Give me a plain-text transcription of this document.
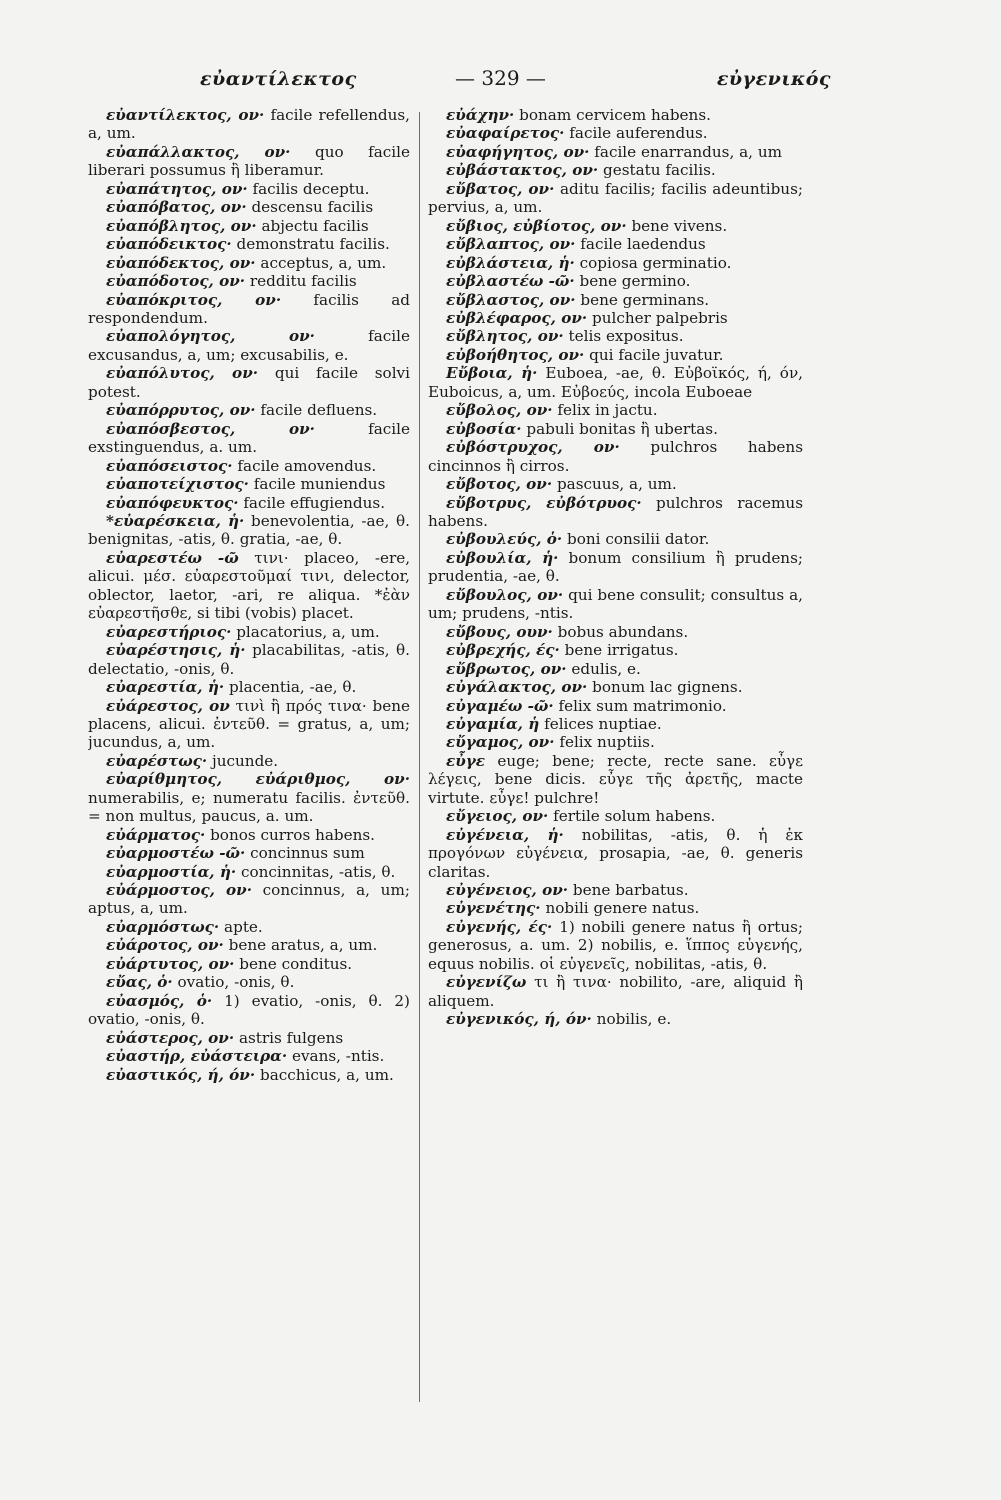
εὐαντίλεκτος	— 329 —	εὐγενικός

εὐαντίλεκτος, ον· facile refellendus, a, um.

εὐαπάλλακτος, ον· quo facile liberari possumus ἢ liberamur.

εὐαπάτητος, ον· facilis deceptu.

εὐαπόβατος, ον· descensu facilis

εὐαπόβλητος, ον· abjectu facilis

εὐαπόδεικτος· demonstratu facilis.

εὐαπόδεκτος, ον· acceptus, a, um.

εὐαπόδοτος, ον· redditu facilis

εὐαπόκριτος, ον· facilis ad respondendum.

εὐαπολόγητος, ον·	facile excusandus, a, um; excusabilis, e.

εὐαπόλυτος, ον· qui facile solvi potest.

εὐαπόρρυτος, ον· facile defluens.

εὐαπόσβεστος, ον·	facile exstinguendus, a. um.

εὐαπόσειστος· facile amovendus.

εὐαποτείχιστος· facile muniendus

εὐαπόφευκτος· facile effugiendus.

*εὐαρέσκεια, ἡ· benevolentia, -ae, θ. benignitas, -atis, θ. gratia, -ae, θ.

εὐαρεστέω -ῶ τινι· placeo, -ere, alicui. μέσ. εὐαρεστοῦμαί τινι, delector, oblector, laetor, -ari, re aliqua. *ἐὰν εὐαρεστῆσθε, si tibi (vobis) placet.

εὐαρεστήριος· placatorius, a, um.

εὐαρέστησις, ἡ· placabilitas, -atis, θ. delectatio, -onis, θ.

εὐαρεστία, ἡ· placentia, -ae, θ.

εὐάρεστος, ον τινὶ ἢ πρός τινα· bene placens, alicui. ἐντεῦθ. = gratus, a, um; jucundus, a, um.

εὐαρέστως· jucunde.

εὐαρίθμητος, εὐάριθμος, ον· numerabilis, e; numeratu facilis. ἐντεῦθ. = non multus, paucus, a. um.

εὐάρματος· bonos curros habens.

εὐαρμοστέω -ῶ· concinnus sum

εὐαρμοστία, ἡ· concinnitas, -atis, θ.

εὐάρμοστος, ον· concinnus, a, um; aptus, a, um.

εὐαρμόστως· apte.

εὐάροτος, ον· bene aratus, a, um.

εὐάρτυτος, ον· bene conditus.

εὔας, ὁ· ovatio, -onis, θ.

εὐασμός, ὁ· 1) evatio, -onis, θ. 2) ovatio, -onis, θ.

εὐάστερος, ον· astris fulgens

εὐαστήρ, εὐάστειρα· evans, -ntis.

εὐαστικός, ή, όν· bacchicus, a, um.

εὐάχην· bonam cervicem habens.

εὐαφαίρετος· facile auferendus.

εὐαφήγητος, ον· facile enarrandus, a, um

εὐβάστακτος, ον· gestatu facilis.

εὔβατος, ον· aditu facilis; facilis adeuntibus; pervius, a, um.

εὔβιος, εὐβίοτος, ον· bene vivens.

εὔβλαπτος, ον· facile laedendus

εὐβλάστεια, ἡ· copiosa germinatio.

εὐβλαστέω -ῶ· bene germino.

εὔβλαστος, ον· bene germinans.

εὐβλέφαρος, ον· pulcher palpebris

εὔβλητος, ον· telis expositus.

εὐβοήθητος, ον· qui facile juvatur.

Εὔβοια, ἡ· Euboea, -ae, θ. Εὐβοϊκός, ή, όν, Euboicus, a, um. Εὐβοεύς, incola Euboeae

εὔβολος, ον· felix in jactu.

εὐβοσία· pabuli bonitas ἢ ubertas.

εὐβόστρυχος, ον· pulchros habens cincinnos ἢ cirros.

εὔβοτος, ον· pascuus, a, um.

εὔβοτρυς, εὐβότρυος· pulchros racemus habens.

εὐβουλεύς, ὁ· boni consilii dator.

εὐβουλία, ἡ· bonum consilium ἢ prudens; prudentia, -ae, θ.

εὔβουλος, ον· qui bene consulit; consultus a, um; prudens, -ntis.

εὔβους, ουν· bobus abundans.

εὐβρεχής, ές· bene irrigatus.

εὔβρωτος, ον· edulis, e.

εὐγάλακτος, ον· bonum lac gignens.

εὐγαμέω -ῶ· felix sum matrimonio.

εὐγαμία, ἡ felices nuptiae.

εὔγαμος, ον· felix nuptiis.

εὖγε euge; bene; recte, recte sane. εὖγε λέγεις, bene dicis. εὖγε τῆς ἀρετῆς, macte virtute. εὖγε! pulchre!

εὔγειος, ον· fertile solum habens.

εὐγένεια, ἡ· nobilitas, -atis, θ. ἡ ἐκ προγόνων εὐγένεια, prosapia, -ae, θ. generis claritas.

εὐγένειος, ον· bene barbatus.

εὐγενέτης· nobili genere natus.

εὐγενής, ές· 1) nobili genere natus ἢ ortus; generosus, a. um. 2) nobilis, e. ἵππος εὐγενής, equus nobilis. οἱ εὐγενεῖς, nobilitas, -atis, θ.

εὐγενίζω τι ἢ τινα· nobilito, -are, aliquid ἢ aliquem.

εὐγενικός, ή, όν· nobilis, e.
